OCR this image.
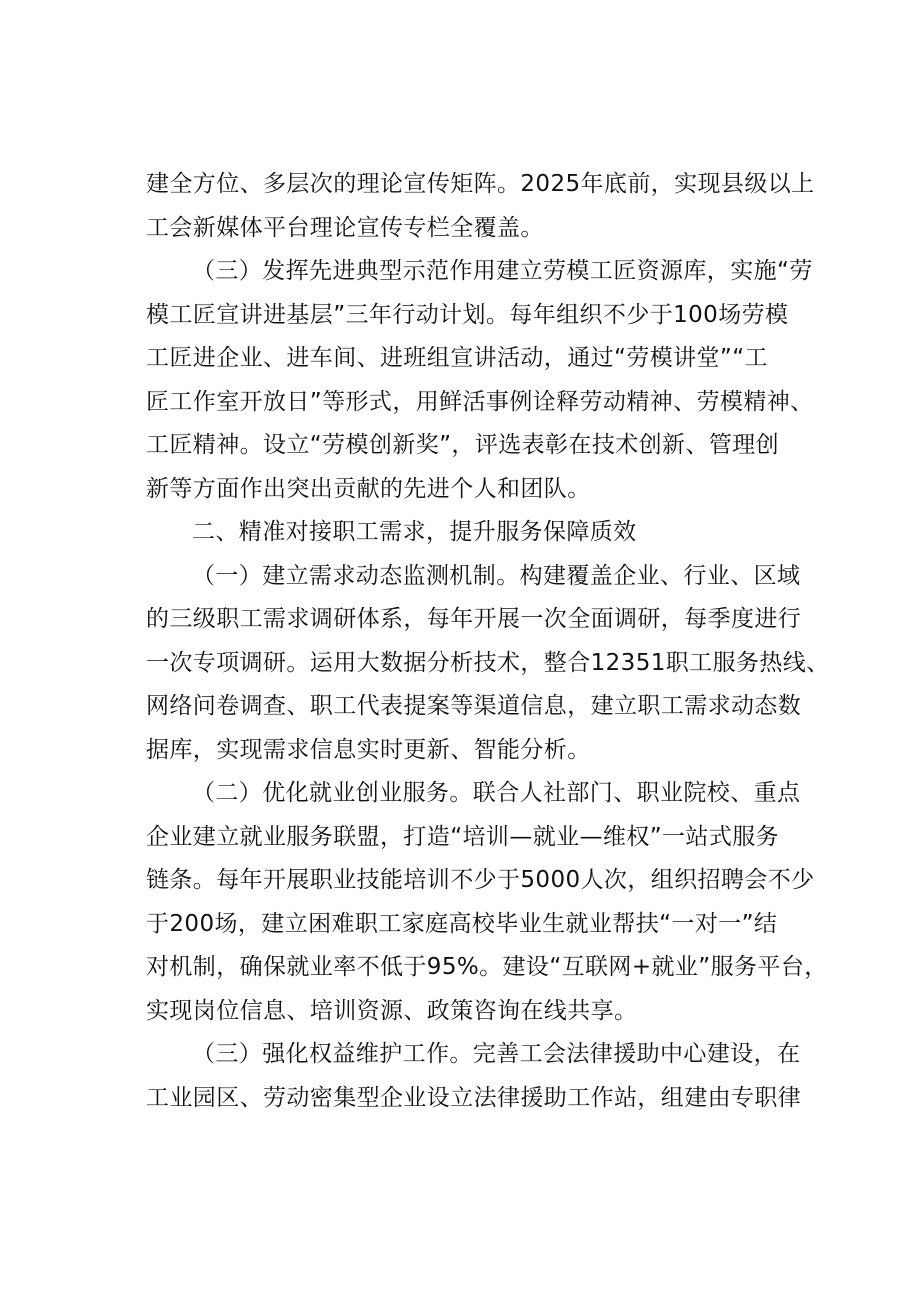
建全方位、多层次的理论宣传矩阵。2025年底前，实现县级以上
工会新媒体平台理论宣传专栏全覆盖。
（三）发挥先进典型示范作用建立劳模工匠资源库，实施“劳
模工匠宣讲进基层”三年行动计划。每年组织不少于100场劳模
工匠进企业、进车间、进班组宣讲活动，通过“劳模讲堂”“工
匠工作室开放日”等形式，用鲜活事例诠释劳动精神、劳模精神、
工匠精神。设立“劳模创新奖”，评选表彰在技术创新、管理创
新等方面作出突出贡献的先进个人和团队。
二、精准对接职工需求，提升服务保障质效
（一）建立需求动态监测机制。构建覆盖企业、行业、区域
的三级职工需求调研体系，每年开展一次全面调研，每季度进行
一次专项调研。运用大数据分析技术，整合12351职工服务热线、
网络问卷调查、职工代表提案等渠道信息，建立职工需求动态数
据库，实现需求信息实时更新、智能分析。
（二）优化就业创业服务。联合人社部门、职业院校、重点
企业建立就业服务联盟，打造“培训—就业—维权”一站式服务
链条。每年开展职业技能培训不少于5000人次，组织招聘会不少
于200场，建立困难职工家庭高校毕业生就业帮扶“一对一”结
对机制，确保就业率不低于95%。建设“互联网+就业”服务平台，
实现岗位信息、培训资源、政策咨询在线共享。
（三）强化权益维护工作。完善工会法律援助中心建设，在
工业园区、劳动密集型企业设立法律援助工作站，组建由专职律
